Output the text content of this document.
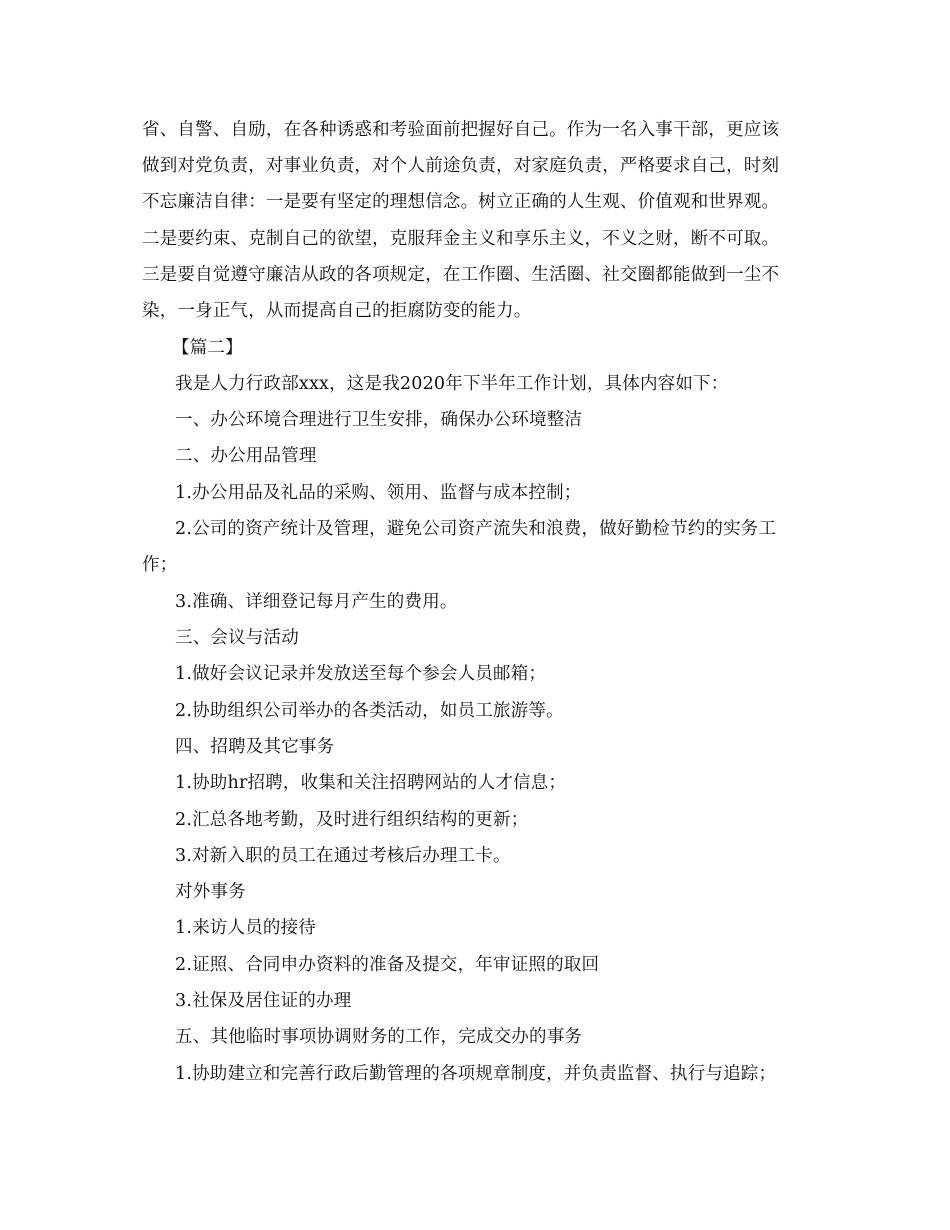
省、自警、自励，在各种诱惑和考验面前把握好自己。作为一名入事干部，更应该
做到对党负责，对事业负责，对个人前途负责，对家庭负责，严格要求自己，时刻
不忘廉洁自律：一是要有坚定的理想信念。树立正确的人生观、价值观和世界观。
二是要约束、克制自己的欲望，克服拜金主义和享乐主义，不义之财，断不可取。
三是要自觉遵守廉洁从政的各项规定，在工作圈、生活圈、社交圈都能做到一尘不
染，一身正气，从而提高自己的拒腐防变的能力。
【篇二】
我是人力行政部xxx，这是我2020年下半年工作计划，具体内容如下：
一、办公环境合理进行卫生安排，确保办公环境整洁
二、办公用品管理
1.办公用品及礼品的采购、领用、监督与成本控制；
2.公司的资产统计及管理，避免公司资产流失和浪费，做好勤检节约的实务工
作；
3.准确、详细登记每月产生的费用。
三、会议与活动
1.做好会议记录并发放送至每个参会人员邮箱；
2.协助组织公司举办的各类活动，如员工旅游等。
四、招聘及其它事务
1.协助hr招聘，收集和关注招聘网站的人才信息；
2.汇总各地考勤，及时进行组织结构的更新；
3.对新入职的员工在通过考核后办理工卡。
对外事务
1.来访人员的接待
2.证照、合同申办资料的准备及提交，年审证照的取回
3.社保及居住证的办理
五、其他临时事项协调财务的工作，完成交办的事务
1.协助建立和完善行政后勤管理的各项规章制度，并负责监督、执行与追踪；
